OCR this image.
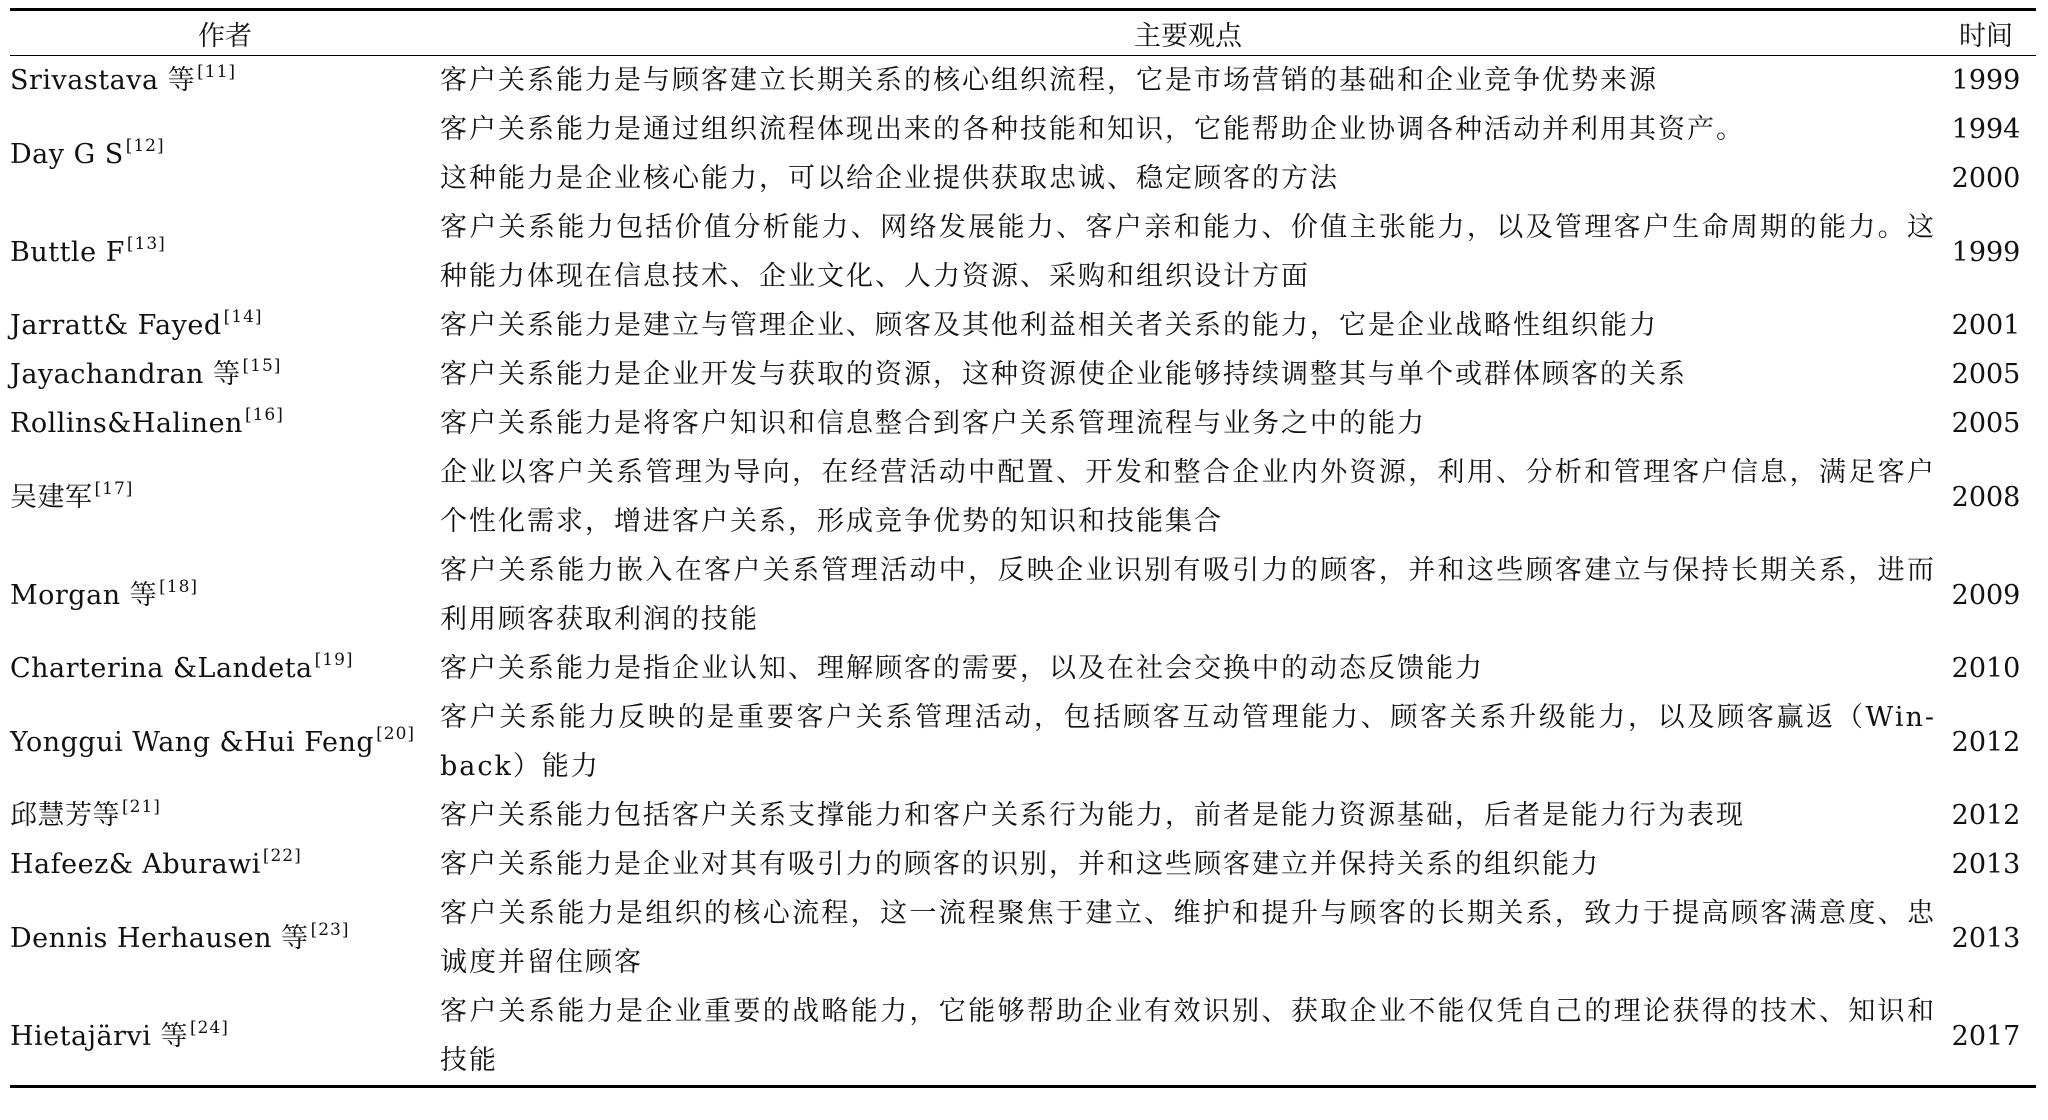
作者	主要观点	时间
Srivastava 等 [11]	客户关系能力是与顾客建立长期关系的核心组织流程，它是市场营销的基础和企业竞争优势来源	1999
Day G S [12]	客户关系能力是通过组织流程体现出来的各种技能和知识，它能帮助企业协调各种活动并利用其资产。	1994
	这种能力是企业核心能力，可以给企业提供获取忠诚、稳定顾客的方法	2000
Buttle F [13]	客户关系能力包括价值分析能力、网络发展能力、客户亲和能力、价值主张能力，以及管理客户生命周期的能力。这种能力体现在信息技术、企业文化、人力资源、采购和组织设计方面	1999
Jarratt& Fayed [14]	客户关系能力是建立与管理企业、顾客及其他利益相关者关系的能力，它是企业战略性组织能力	2001
Jayachandran 等 [15]	客户关系能力是企业开发与获取的资源，这种资源使企业能够持续调整其与单个或群体顾客的关系	2005
Rollins&Halinen [16]	客户关系能力是将客户知识和信息整合到客户关系管理流程与业务之中的能力	2005
吴建军 [17]	企业以客户关系管理为导向，在经营活动中配置、开发和整合企业内外资源，利用、分析和管理客户信息，满足客户个性化需求，增进客户关系，形成竞争优势的知识和技能集合	2008
Morgan 等 [18]	客户关系能力嵌入在客户关系管理活动中，反映企业识别有吸引力的顾客，并和这些顾客建立与保持长期关系，进而利用顾客获取利润的技能	2009
Charterina &Landeta [19]	客户关系能力是指企业认知、理解顾客的需要，以及在社会交换中的动态反馈能力	2010
Yonggui Wang &Hui Feng [20]	客户关系能力反映的是重要客户关系管理活动，包括顾客互动管理能力、顾客关系升级能力，以及顾客赢返（Win-back）能力	2012
邱慧芳等 [21]	客户关系能力包括客户关系支撑能力和客户关系行为能力，前者是能力资源基础，后者是能力行为表现	2012
Hafeez& Aburawi [22]	客户关系能力是企业对其有吸引力的顾客的识别，并和这些顾客建立并保持关系的组织能力	2013
Dennis Herhausen 等 [23]	客户关系能力是组织的核心流程，这一流程聚焦于建立、维护和提升与顾客的长期关系，致力于提高顾客满意度、忠诚度并留住顾客	2013
Hietajärvi 等 [24]	客户关系能力是企业重要的战略能力，它能够帮助企业有效识别、获取企业不能仅凭自己的理论获得的技术、知识和技能	2017
